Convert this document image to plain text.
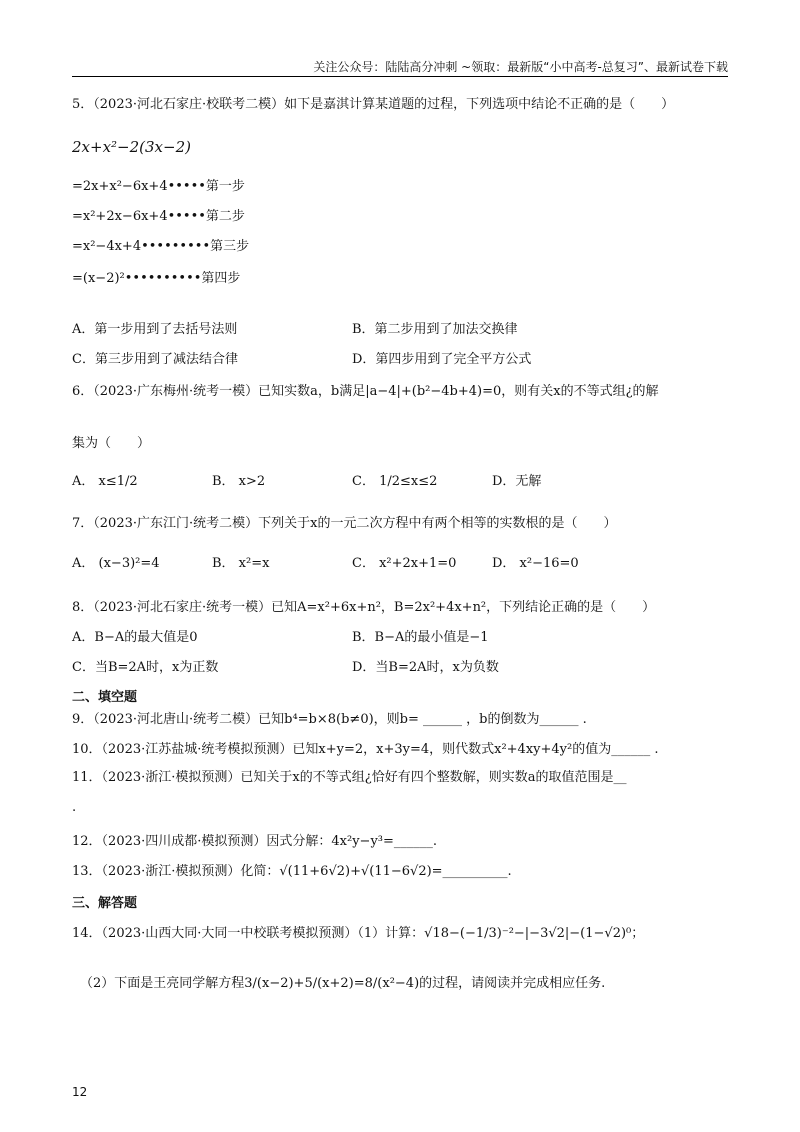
关注公众号：陆陆高分冲刺 ~领取：最新版“小中高考-总复习”、最新试卷下载
5．（2023·河北石家庄·校联考二模）如下是嘉淇计算某道题的过程，下列选项中结论不正确的是（　　）
2x+x²−2(3x−2)
=2x+x²−6x+4•••••第一步
=x²+2x−6x+4•••••第二步
=x²−4x+4•••••••••第三步
=(x−2)²••••••••••第四步
A．第一步用到了去括号法则	B．第二步用到了加法交换律
C．第三步用到了减法结合律	D．第四步用到了完全平方公式
6．（2023·广东梅州·统考一模）已知实数a，b满足|a−4|+(b²−4b+4)=0，则有关x的不等式组¿的解
集为（　　）
A． x≤1/2	B． x>2	C． 1/2≤x≤2	D．无解
7．（2023·广东江门·统考二模）下列关于x的一元二次方程中有两个相等的实数根的是（　　）
A． (x−3)²=4	B． x²=x	C． x²+2x+1=0	D． x²−16=0
8．（2023·河北石家庄·统考一模）已知A=x²+6x+n²，B=2x²+4x+n²，下列结论正确的是（　　）
A．B−A的最大值是0	B．B−A的最小值是−1
C．当B=2A时，x为正数	D．当B=2A时，x为负数
二、填空题
9．（2023·河北唐山·统考二模）已知b⁴=b×8(b≠0)，则b= ______ ，b的倒数为______ .
10．（2023·江苏盐城·统考模拟预测）已知x+y=2，x+3y=4，则代数式x²+4xy+4y²的值为______ .
11．（2023·浙江·模拟预测）已知关于x的不等式组¿恰好有四个整数解，则实数a的取值范围是__
.
12．（2023·四川成都·模拟预测）因式分解：4x²y−y³=______.
13．（2023·浙江·模拟预测）化简：√(11+6√2)+√(11−6√2)=__________.
三、解答题
14．（2023·山西大同·大同一中校联考模拟预测）（1）计算：√18−(−1/3)⁻²−|−3√2|−(1−√2)⁰；
（2）下面是王亮同学解方程3/(x−2)+5/(x+2)=8/(x²−4)的过程，请阅读并完成相应任务.
12
